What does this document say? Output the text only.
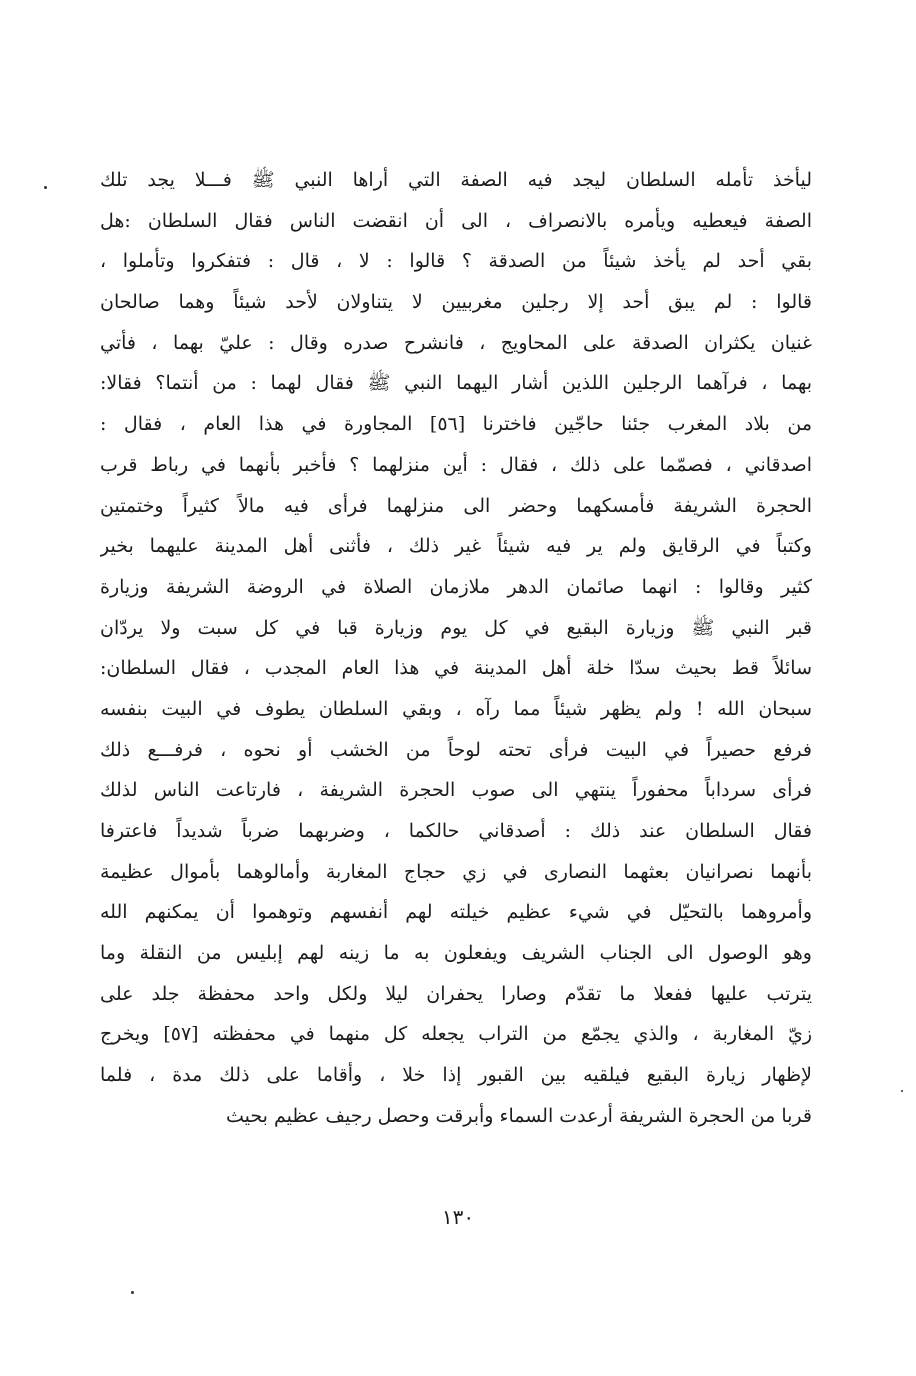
ليأخذ تأمله السلطان ليجد فيه الصفة التي أراها النبي ﷺ فـــلا يجد تلك
الصفة فيعطيه ويأمره بالانصراف ، الى أن انقضت الناس فقال السلطان :هل
بقي أحد لم يأخذ شيئاً من الصدقة ؟ قالوا : لا ، قال : فتفكروا وتأملوا ،
قالوا : لم يبق أحد إلا رجلين مغربيين لا يتناولان لأحد شيئاً وهما صالحان
غنيان يكثران الصدقة على المحاويج ، فانشرح صدره وقال : عليّ بهما ، فأتي
بهما ، فرآهما الرجلين اللذين أشار اليهما النبي ﷺ فقال لهما : من أنتما؟ فقالا:
من بلاد المغرب جئنا حاجّين فاخترنا [٥٦] المجاورة في هذا العام ، فقال :
اصدقاني ، فصمّما على ذلك ، فقال : أين منزلهما ؟ فأخبر بأنهما في رباط قرب
الحجرة الشريفة فأمسكهما وحضر الى منزلهما فرأى فيه مالاً كثيراً وختمتين
وكتباً في الرقايق ولم ير فيه شيئاً غير ذلك ، فأثنى أهل المدينة عليهما بخير
كثير وقالوا : انهما صائمان الدهر ملازمان الصلاة في الروضة الشريفة وزيارة
قبر النبي ﷺ وزيارة البقيع في كل يوم وزيارة قبا في كل سبت ولا يردّان
سائلاً قط بحيث سدّا خلة أهل المدينة في هذا العام المجدب ، فقال السلطان:
سبحان الله ! ولم يظهر شيئاً مما رآه ، وبقي السلطان يطوف في البيت بنفسه
فرفع حصيراً في البيت فرأى تحته لوحاً من الخشب أو نحوه ، فرفـــع ذلك
فرأى سرداباً محفوراً ينتهي الى صوب الحجرة الشريفة ، فارتاعت الناس لذلك
فقال السلطان عند ذلك : أصدقاني حالكما ، وضربهما ضرباً شديداً فاعترفا
بأنهما نصرانيان بعثهما النصارى في زي حجاج المغاربة وأمالوهما بأموال عظيمة
وأمروهما بالتحيّل في شيء عظيم خيلته لهم أنفسهم وتوهموا أن يمكنهم الله
وهو الوصول الى الجناب الشريف ويفعلون به ما زينه لهم إبليس من النقلة وما
يترتب عليها ففعلا ما تقدّم وصارا يحفران ليلا ولكل واحد محفظة جلد على
زيّ المغاربة ، والذي يجمّع من التراب يجعله كل منهما في محفظته [٥٧] ويخرج
لإظهار زيارة البقيع فيلقيه بين القبور إذا خلا ، وأقاما على ذلك مدة ، فلما
قربا من الحجرة الشريفة أرعدت السماء وأبرقت وحصل رجيف عظيم بحيث
١٣٠
